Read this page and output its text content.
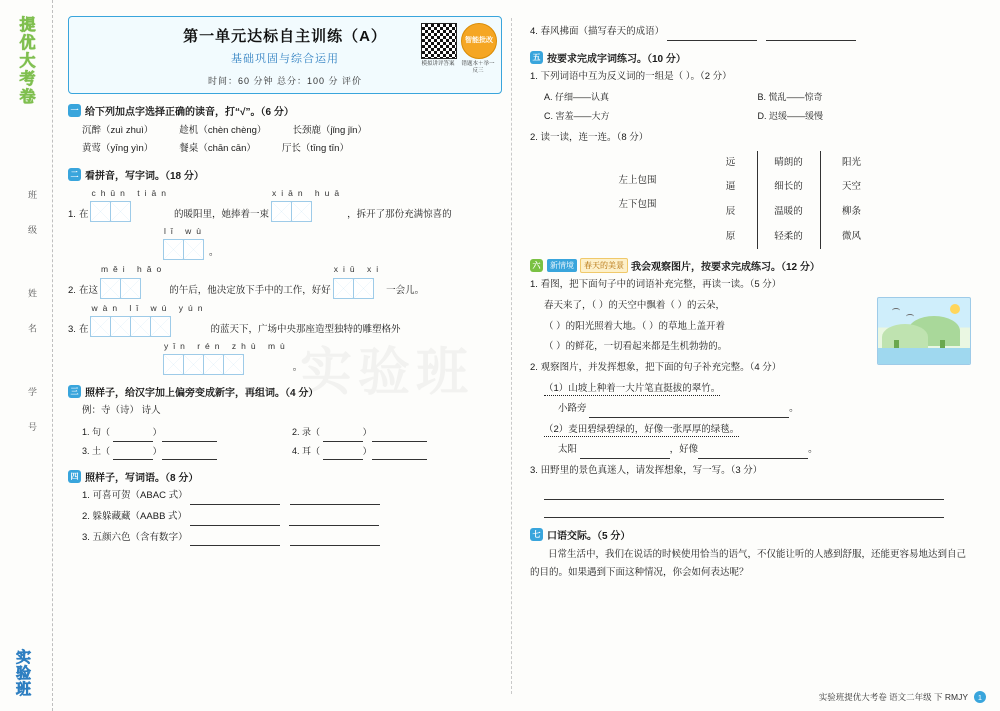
提优大考卷
班级 姓名 学号
实验班
模拟讲评答案
智能批改
错题本＋举一反三
第一单元达标自主训练（A）
基础巩固与综合运用
时间：60 分钟 总分：100 分 评价
一 给下列加点字选择正确的读音，打“√”。（6 分）
沉醉（zuì zhuì）	趁机（chèn chèng）	长颈鹿（jǐng jǐn）
黄莺（yīng yìn）	餐桌（chān cān）	厅长（tīng tīn）
二 看拼音，写字词。（18 分）
1. 在
chūn tiān
的暖阳里，她捧着一束
xiān huā
，拆开了那份充满惊喜的
lǐ wù
。
2. 在这
měi hǎo
的午后，他决定放下手中的工作，好好
xiū xi
一会儿。
3. 在
wàn lǐ wú yún
的蓝天下，广场中央那座造型独特的雕塑格外
yǐn rén zhù mù
。
三 照样子，给汉字加上偏旁变成新字，再组词。（4 分）
例：寺（诗） 诗人
1. 句（	）	2. 录（	）
3. 土（	）	4. 耳（	）
四 照样子，写词语。（8 分）
1. 可喜可贺（ABAC 式） 　
2. 躲躲藏藏（AABB 式） 　
3. 五颜六色（含有数字） 　
4. 春风拂面（描写春天的成语） 　
五 按要求完成字词练习。（10 分）
1. 下列词语中互为反义词的一组是（ ）。（2 分）
A. 仔细——认真	B. 慌乱——惊奇
C. 害羞——大方	D. 迟缓——缓慢
2. 读一读，连一连。（8 分）
左上包围
左下包围
远
逼
辰
原
晴朗的
细长的
温暖的
轻柔的
阳光
天空
柳条
微风
六	新情境	春天的美景 我会观察图片，按要求完成练习。（12 分）
1. 看图，把下面句子中的词语补充完整，再读一读。（5 分）
春天来了，（ ）的天空中飘着（ ）的云朵，
（ ）的阳光照着大地。（ ）的草地上盖开着
（ ）的鲜花，一切看起来都是生机勃勃的。
2. 观察图片，并发挥想象，把下面的句子补充完整。（4 分）
（1）山坡上种着一大片笔直挺拔的翠竹。
小路旁	。
（2）麦田碧绿碧绿的，好像一张厚厚的绿毯。
太阳	，好像	。
3. 田野里的景色真迷人，请发挥想象，写一写。（3 分）
七 口语交际。（5 分）
日常生活中，我们在说话的时候使用恰当的语气，不仅能让听的人感到舒服，还能更容易地达到自己的目的。如果遇到下面这种情况，你会如何表达呢？
实验班提优大考卷 语文二年级 下 RMJY	1
